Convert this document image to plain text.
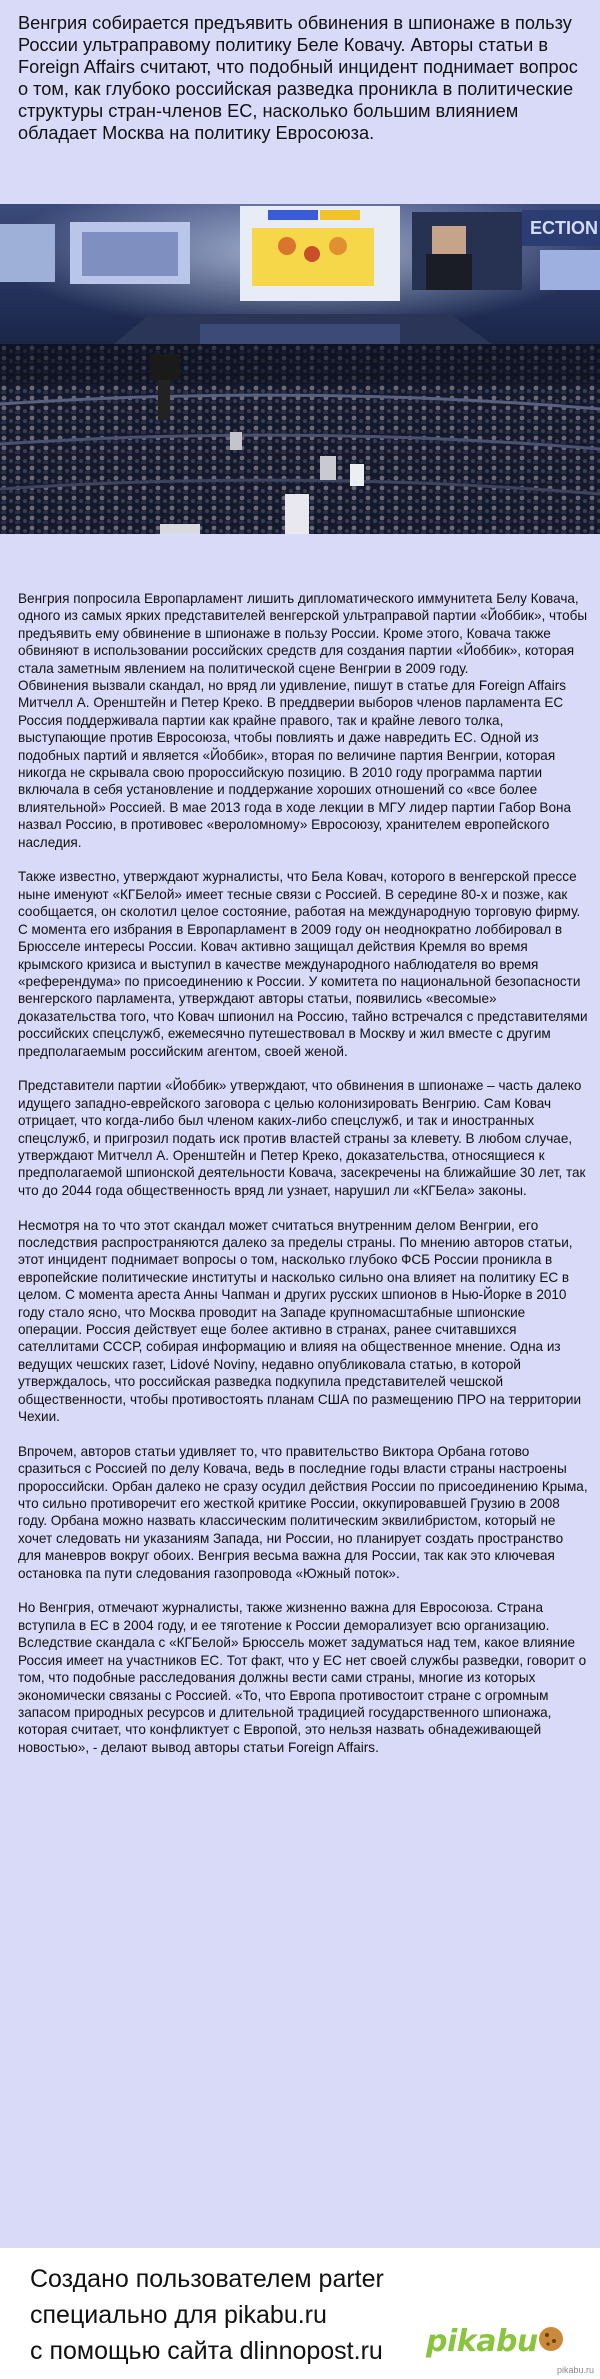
Венгрия собирается предъявить обвинения в шпионаже в пользу России ультраправому политику Беле Ковачу. Авторы статьи в Foreign Affairs считают, что подобный инцидент поднимает вопрос о том, как глубоко российская разведка проникла в политические структуры стран-членов ЕС, насколько большим влиянием обладает Москва на политику Евросоюза.

ECTION

Венгрия попросила Европарламент лишить дипломатического иммунитета Белу Ковача, одного из самых ярких представителей венгерской ультраправой партии «Йоббик», чтобы предъявить ему обвинение в шпионаже в пользу России. Кроме этого, Ковача также обвиняют в использовании российских средств для создания партии «Йоббик», которая стала заметным явлением на политической сцене Венгрии в 2009 году.

Обвинения вызвали скандал, но вряд ли удивление, пишут в статье для Foreign Affairs Митчелл А. Оренштейн и Петер Креко. В преддверии выборов членов парламента ЕС Россия поддерживала партии как крайне правого, так и крайне левого толка, выступающие против Евросоюза, чтобы повлиять и даже навредить ЕС. Одной из подобных партий и является «Йоббик», вторая по величине партия Венгрии, которая никогда не скрывала свою пророссийскую позицию. В 2010 году программа партии включала в себя установление и поддержание хороших отношений со «все более влиятельной» Россией. В мае 2013 года в ходе лекции в МГУ лидер партии Габор Вона назвал Россию, в противовес «вероломному» Евросоюзу, хранителем европейского наследия.

Также известно, утверждают журналисты, что Бела Ковач, которого в венгерской прессе ныне именуют «КГБелой» имеет тесные связи с Россией. В середине 80-х и позже, как сообщается, он сколотил целое состояние, работая на международную торговую фирму. С момента его избрания в Европарламент в 2009 году он неоднократно лоббировал в Брюсселе интересы России. Ковач активно защищал действия Кремля во время крымского кризиса и выступил в качестве международного наблюдателя во время «референдума» по присоединению к России. У комитета по национальной безопасности венгерского парламента, утверждают авторы статьи, появились «весомые» доказательства того, что Ковач шпионил на Россию, тайно встречался с представителями российских спецслужб, ежемесячно путешествовал в Москву и жил вместе с другим предполагаемым российским агентом, своей женой.

Представители партии «Йоббик» утверждают, что обвинения в шпионаже – часть далеко идущего западно-еврейского заговора с целью колонизировать Венгрию. Сам Ковач отрицает, что когда-либо был членом каких-либо спецслужб, и так и иностранных спецслужб, и пригрозил подать иск против властей страны за клевету. В любом случае, утверждают Митчелл А. Оренштейн и Петер Креко, доказательства, относящиеся к предполагаемой шпионской деятельности Ковача, засекречены на ближайшие 30 лет, так что до 2044 года общественность вряд ли узнает, нарушил ли «КГБела» законы.

Несмотря на то что этот скандал может считаться внутренним делом Венгрии, его последствия распространяются далеко за пределы страны. По мнению авторов статьи, этот инцидент поднимает вопросы о том, насколько глубоко ФСБ России проникла в европейские политические институты и насколько сильно она влияет на политику ЕС в целом. С момента ареста Анны Чапман и других русских шпионов в Нью-Йорке в 2010 году стало ясно, что Москва проводит на Западе крупномасштабные шпионские операции. Россия действует еще более активно в странах, ранее считавшихся сателлитами СССР, собирая информацию и влияя на общественное мнение. Одна из ведущих чешских газет, Lidové Noviny, недавно опубликовала статью, в которой утверждалось, что российская разведка подкупила представителей чешской общественности, чтобы противостоять планам США по размещению ПРО на территории Чехии.

Впрочем, авторов статьи удивляет то, что правительство Виктора Орбана готово сразиться с Россией по делу Ковача, ведь в последние годы власти страны настроены пророссийски. Орбан далеко не сразу осудил действия России по присоединению Крыма, что сильно противоречит его жесткой критике России, оккупировавшей Грузию в 2008 году. Орбана можно назвать классическим политическим эквилибристом, который не хочет следовать ни указаниям Запада, ни России, но планирует создать пространство для маневров вокруг обоих. Венгрия весьма важна для России, так как это ключевая остановка па пути следования газопровода «Южный поток».

Но Венгрия, отмечают журналисты, также жизненно важна для Евросоюза. Страна вступила в ЕС в 2004 году, и ее тяготение к России деморализует всю организацию. Вследствие скандала с «КГБелой» Брюссель может задуматься над тем, какое влияние Россия имеет на участников ЕС. Тот факт, что у ЕС нет своей службы разведки, говорит о том, что подобные расследования должны вести сами страны, многие из которых экономически связаны с Россией. «То, что Европа противостоит стране с огромным запасом природных ресурсов и длительной традицией государственного шпионажа, которая считает, что конфликтует с Европой, это нельзя назвать обнадеживающей новостью», - делают вывод авторы статьи Foreign Affairs.

Создано пользователем parter
специально для pikabu.ru
с помощью сайта dlinnopost.ru pikabu
pikabu.ru
